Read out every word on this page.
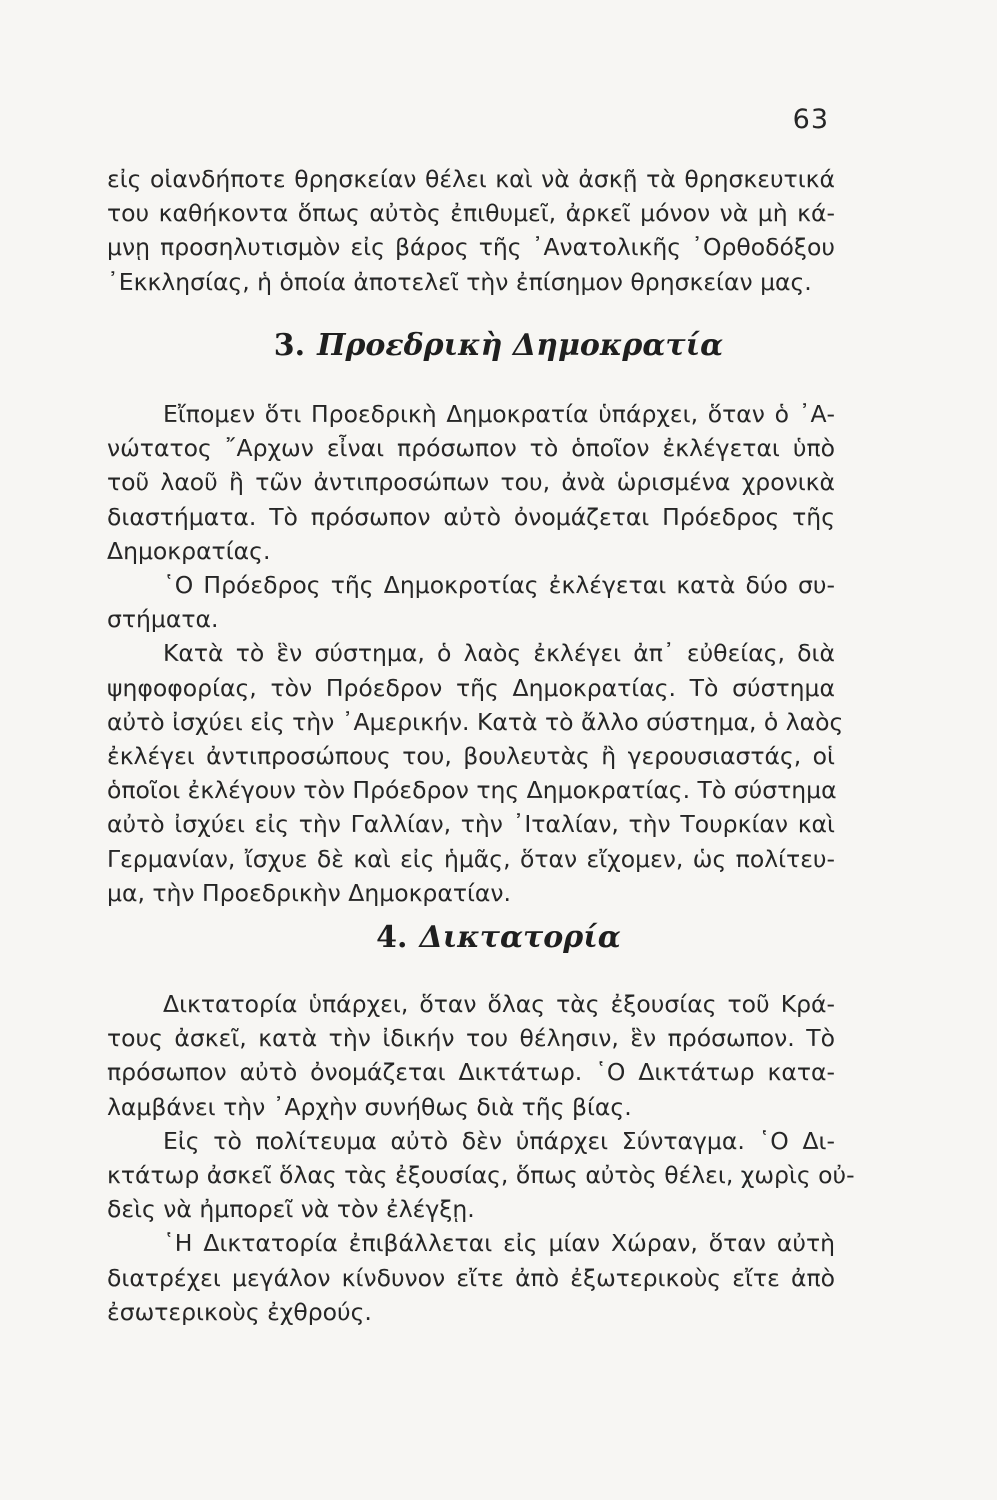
63
εἰς οἱανδήποτε θρησκείαν θέλει καὶ νὰ ἀσκῇ τὰ θρησκευτικά
του καθήκοντα ὅπως αὐτὸς ἐπιθυμεῖ, ἀρκεῖ μόνον νὰ μὴ κά-
μνῃ προσηλυτισμὸν εἰς βάρος τῆς ᾽Ανατολικῆς ᾽Ορθοδόξου
᾽Εκκλησίας, ἡ ὁποία ἀποτελεῖ τὴν ἐπίσημον θρησκείαν μας.
3. Προεδρικὴ Δημοκρατία
Εἴπομεν ὅτι Προεδρικὴ Δημοκρατία ὑπάρχει, ὅταν ὁ ᾽Α-
νώτατος ῎Αρχων εἶναι πρόσωπον τὸ ὁποῖον ἐκλέγεται ὑπὸ
τοῦ λαοῦ ἢ τῶν ἀντιπροσώπων του, ἀνὰ ὡρισμένα χρονικὰ
διαστήματα. Τὸ πρόσωπον αὐτὸ ὀνομάζεται Πρόεδρος τῆς
Δημοκρατίας.
῾Ο Πρόεδρος τῆς Δημοκροτίας ἐκλέγεται κατὰ δύο συ-
στήματα.
Κατὰ τὸ ἓν σύστημα, ὁ λαὸς ἐκλέγει ἀπ᾽ εὐθείας, διὰ
ψηφοφορίας, τὸν Πρόεδρον τῆς Δημοκρατίας. Τὸ σύστημα
αὐτὸ ἰσχύει εἰς τὴν ᾽Αμερικήν. Κατὰ τὸ ἄλλο σύστημα, ὁ λαὸς
ἐκλέγει ἀντιπροσώπους του, βουλευτὰς ἢ γερουσιαστάς, οἱ
ὁποῖοι ἐκλέγουν τὸν Πρόεδρον της Δημοκρατίας. Τὸ σύστημα
αὐτὸ ἰσχύει εἰς τὴν Γαλλίαν, τὴν ᾽Ιταλίαν, τὴν Τουρκίαν καὶ
Γερμανίαν, ἴσχυε δὲ καὶ εἰς ἡμᾶς, ὅταν εἴχομεν, ὡς πολίτευ-
μα, τὴν Προεδρικὴν Δημοκρατίαν.
4. Δικτατορία
Δικτατορία ὑπάρχει, ὅταν ὅλας τὰς ἐξουσίας τοῦ Κρά-
τους ἀσκεῖ, κατὰ τὴν ἰδικήν του θέλησιν, ἓν πρόσωπον. Τὸ
πρόσωπον αὐτὸ ὀνομάζεται Δικτάτωρ. ῾Ο Δικτάτωρ κατα-
λαμβάνει τὴν ᾽Αρχὴν συνήθως διὰ τῆς βίας.
Εἰς τὸ πολίτευμα αὐτὸ δὲν ὑπάρχει Σύνταγμα. ῾Ο Δι-
κτάτωρ ἀσκεῖ ὅλας τὰς ἐξουσίας, ὅπως αὐτὸς θέλει, χωρὶς οὐ-
δεὶς νὰ ἠμπορεῖ νὰ τὸν ἐλέγξῃ.
῾Η Δικτατορία ἐπιβάλλεται εἰς μίαν Χώραν, ὅταν αὐτὴ
διατρέχει μεγάλον κίνδυνον εἴτε ἀπὸ ἐξωτερικοὺς εἴτε ἀπὸ
ἐσωτερικοὺς ἐχθρούς.
